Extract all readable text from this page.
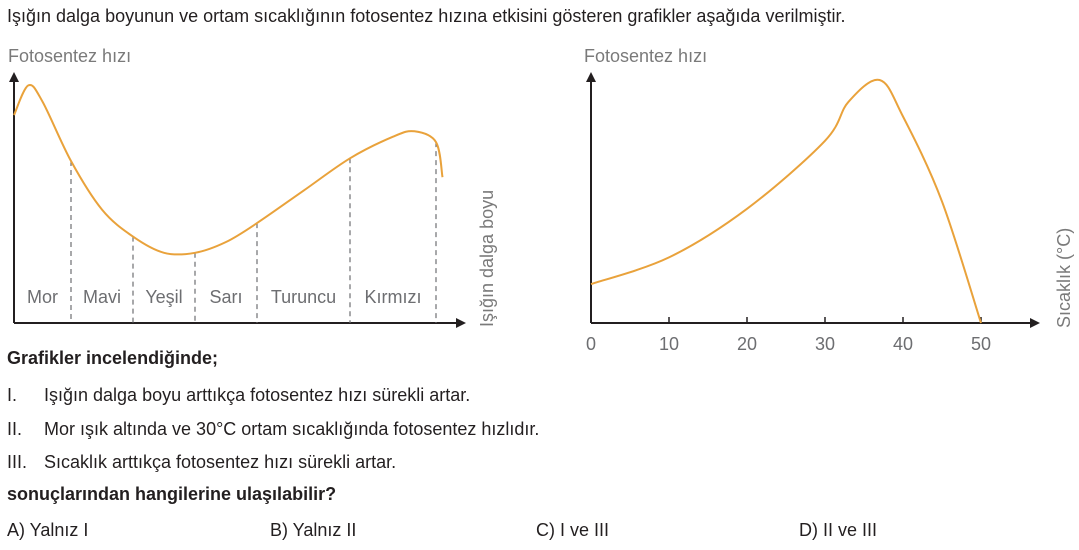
Işığın dalga boyunun ve ortam sıcaklığının fotosentez hızına etkisini gösteren grafikler aşağıda verilmiştir.
Fotosentez hızı
Mor Mavi Yeşil Sarı Turuncu Kırmızı	Işığın dalga boyu
Fotosentez hızı
0	10	20	30	40	50
Sıcaklık (°C)
Grafikler incelendiğinde;
I. Işığın dalga boyu arttıkça fotosentez hızı sürekli artar.
II. Mor ışık altında ve 30°C ortam sıcaklığında fotosentez hızlıdır.
III. Sıcaklık arttıkça fotosentez hızı sürekli artar.
sonuçlarından hangilerine ulaşılabilir?
A) Yalnız I	B) Yalnız II	C) I ve III	D) II ve III
